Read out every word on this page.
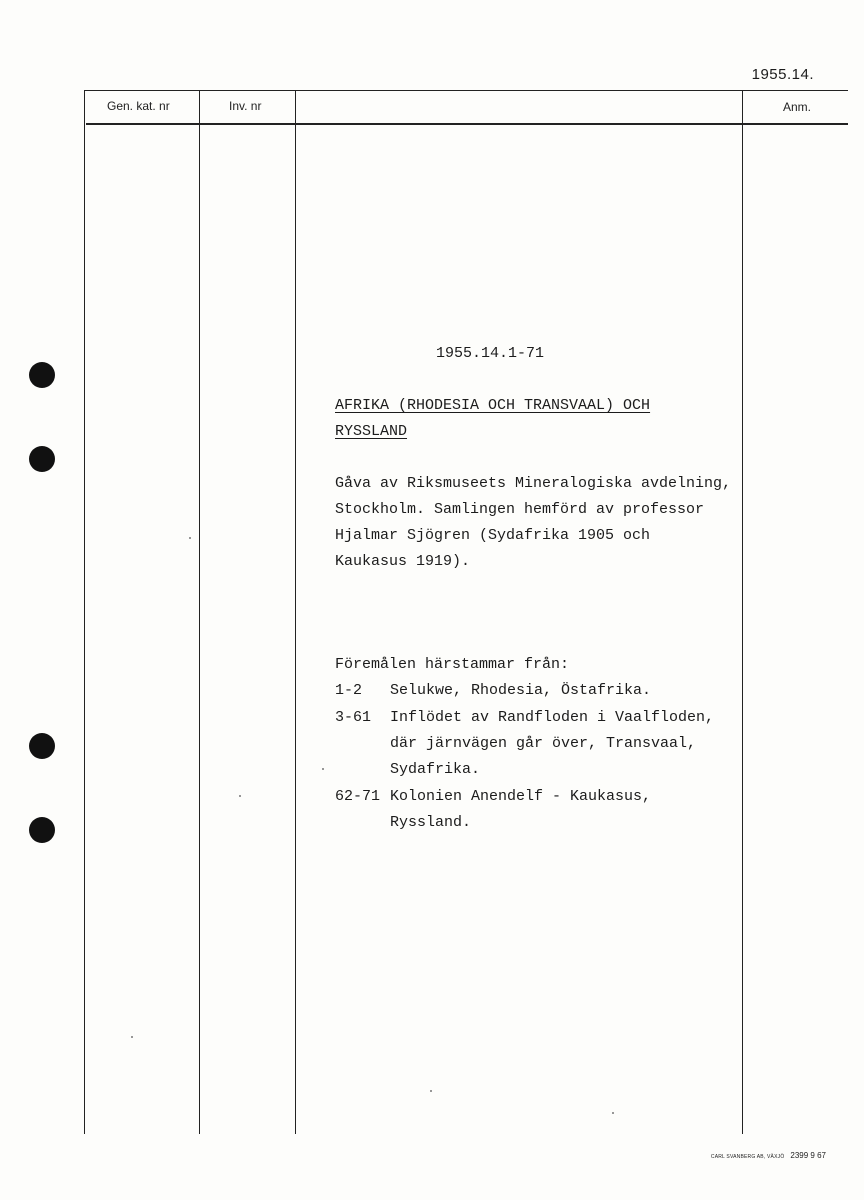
1955.14.
Gen. kat. nr	Inv. nr	Anm.
1955.14.1-71
AFRIKA (RHODESIA OCH TRANSVAAL) OCH
RYSSLAND
Gåva av Riksmuseets Mineralogiska avdelning,
Stockholm. Samlingen hemförd av professor
Hjalmar Sjögren (Sydafrika 1905 och
Kaukasus 1919).
Föremålen härstammar från:
1-2 Selukwe, Rhodesia, Östafrika.
3-61 Inflödet av Randfloden i Vaalfloden,
där järnvägen går över, Transvaal,
Sydafrika.
62-71 Kolonien Anendelf - Kaukasus,
Ryssland.
CARL SVANBERG AB, VÄXJÖ 2399 9 67
